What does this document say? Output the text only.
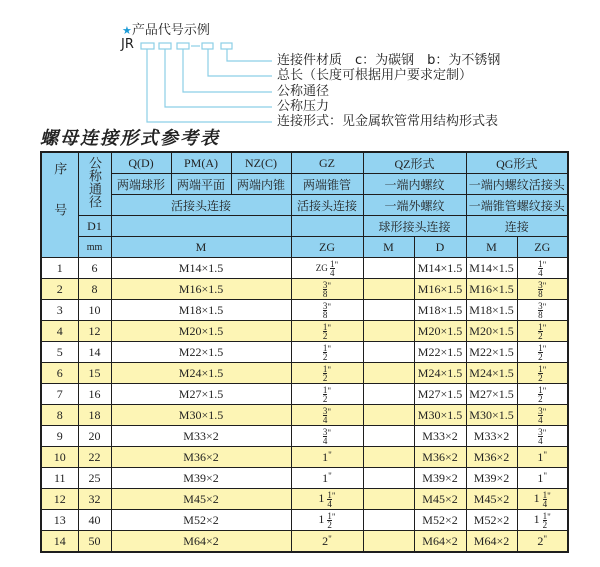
★产品代号示例
JR
连接件材质　c：为碳钢　b：为不锈钢
总长（长度可根据用户要求定制）
公称通径
公称压力
连接形式：见金属软管常用结构形式表
螺母连接形式参考表
序号	公称通径	Q(D)	PM(A)	NZ(C)	GZ	QZ形式		QG形式	
		两端球形	两端平面	两端内锥	两端锥管	一端内螺纹		一端内螺纹活接头	
		活接头连接			活接头连接	一端外螺纹		一端锥管螺纹接头	
	D1					球形接头连接		连接	
	mm	M			ZG	M	D	M	ZG
1	6	M14×1.5			ZG $\frac{1}{4} ^"$		M14×1.5	M14×1.5	$\frac{1}{4} ^"$
2	8	M16×1.5			$\frac{3}{8} ^"$		M16×1.5	M16×1.5	$\frac{3}{8} ^"$
3	10	M18×1.5			$\frac{3}{8} ^"$		M18×1.5	M18×1.5	$\frac{3}{8} ^"$
4	12	M20×1.5			$\frac{1}{2} ^"$		M20×1.5	M20×1.5	$\frac{1}{2} ^"$
5	14	M22×1.5			$\frac{1}{2} ^"$		M22×1.5	M22×1.5	$\frac{1}{2} ^"$
6	15	M24×1.5			$\frac{1}{2} ^"$		M24×1.5	M24×1.5	$\frac{1}{2} ^"$
7	16	M27×1.5			$\frac{1}{2} ^"$		M27×1.5	M27×1.5	$\frac{1}{2} ^"$
8	18	M30×1.5			$\frac{3}{4} ^"$		M30×1.5	M30×1.5	$\frac{3}{4} ^"$
9	20	M33×2			$\frac{3}{4} ^"$		M33×2	M33×2	$\frac{3}{4} ^"$
10	22	M36×2			1"		M36×2	M36×2	1"
11	25	M39×2			1"		M39×2	M39×2	1"
12	32	M45×2			$1 \frac{1}{4} ^"$		M45×2	M45×2	$1 \frac{1}{4} ^"$
13	40	M52×2			$1 \frac{1}{2} ^"$		M52×2	M52×2	$1 \frac{1}{2} ^"$
14	50	M64×2			2"		M64×2	M64×2	2"
